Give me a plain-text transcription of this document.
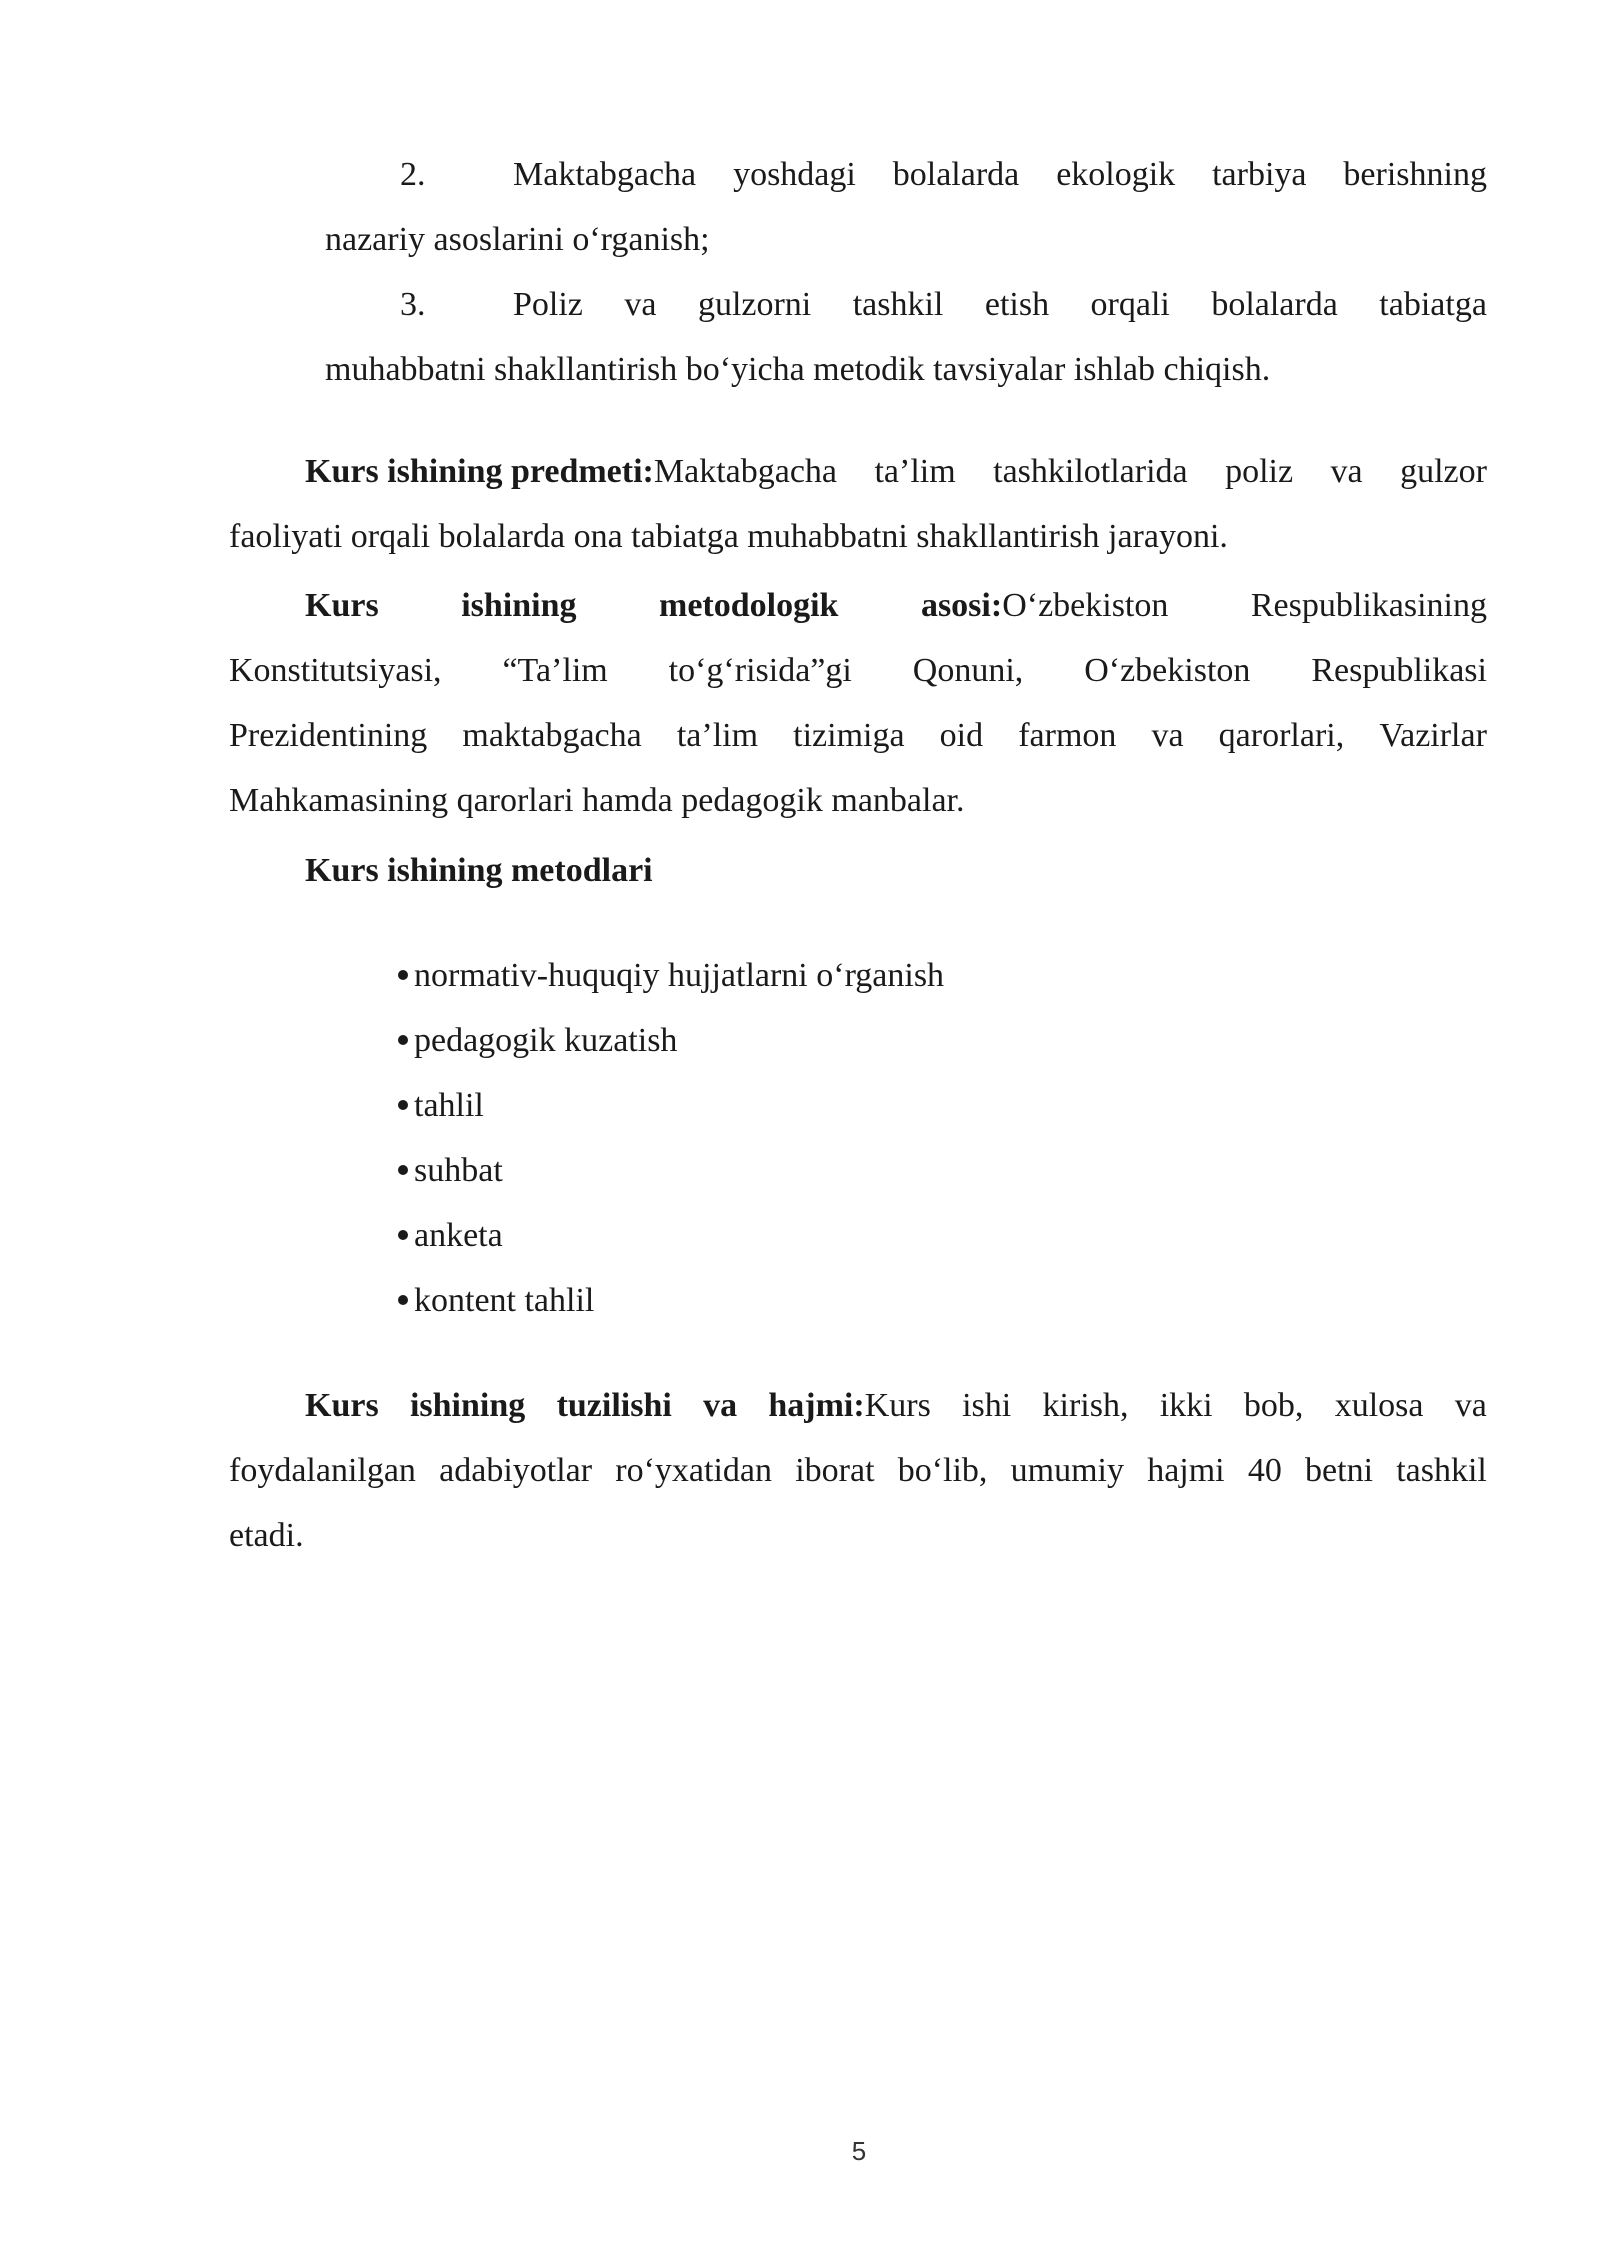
2.	Maktabgacha yoshdagi bolalarda ekologik tarbiya berishning
nazariy asoslarini o‘rganish;
3.	Poliz va gulzorni tashkil etish orqali bolalarda tabiatga
muhabbatni shakllantirish bo‘yicha metodik tavsiyalar ishlab chiqish.
Kurs ishining predmeti:Maktabgacha ta’lim tashkilotlarida poliz va gulzor
faoliyati orqali bolalarda ona tabiatga muhabbatni shakllantirish jarayoni.
Kurs ishining metodologik asosi:O‘zbekiston Respublikasining
Konstitutsiyasi, “Ta’lim to‘g‘risida”gi Qonuni, O‘zbekiston Respublikasi
Prezidentining maktabgacha ta’lim tizimiga oid farmon va qarorlari, Vazirlar
Mahkamasining qarorlari hamda pedagogik manbalar.
Kurs ishining metodlari
normativ-huquqiy hujjatlarni o‘rganish
pedagogik kuzatish
tahlil
suhbat
anketa
kontent tahlil
Kurs ishining tuzilishi va hajmi:Kurs ishi kirish, ikki bob, xulosa va
foydalanilgan adabiyotlar ro‘yxatidan iborat bo‘lib, umumiy hajmi 40 betni tashkil
etadi.
5
